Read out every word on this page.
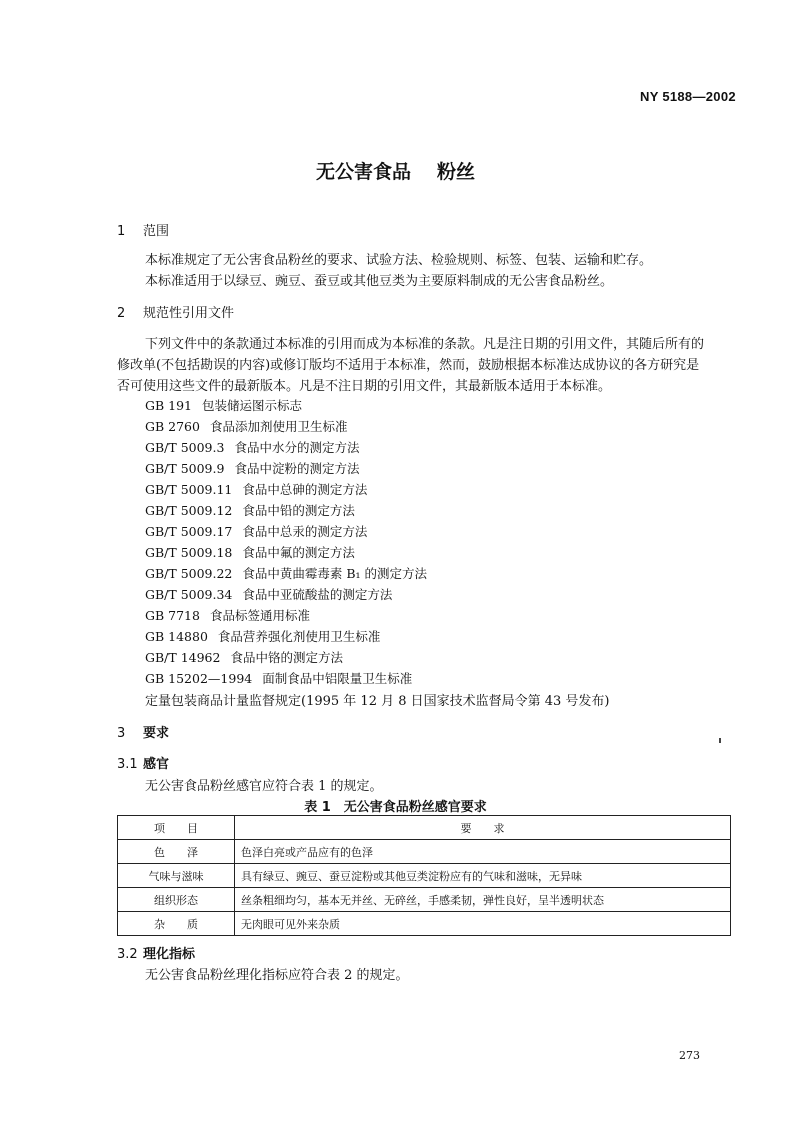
NY 5188—2002
无公害食品 粉丝
1 范围
本标准规定了无公害食品粉丝的要求、试验方法、检验规则、标签、包装、运输和贮存。
本标准适用于以绿豆、豌豆、蚕豆或其他豆类为主要原料制成的无公害食品粉丝。
2 规范性引用文件
下列文件中的条款通过本标准的引用而成为本标准的条款。凡是注日期的引用文件，其随后所有的
修改单(不包括勘误的内容)或修订版均不适用于本标准，然而，鼓励根据本标准达成协议的各方研究是
否可使用这些文件的最新版本。凡是不注日期的引用文件，其最新版本适用于本标准。
GB 191 包装储运图示标志
GB 2760 食品添加剂使用卫生标准
GB/T 5009.3 食品中水分的测定方法
GB/T 5009.9 食品中淀粉的测定方法
GB/T 5009.11 食品中总砷的测定方法
GB/T 5009.12 食品中铅的测定方法
GB/T 5009.17 食品中总汞的测定方法
GB/T 5009.18 食品中氟的测定方法
GB/T 5009.22 食品中黄曲霉毒素 B₁ 的测定方法
GB/T 5009.34 食品中亚硫酸盐的测定方法
GB 7718 食品标签通用标准
GB 14880 食品营养强化剂使用卫生标准
GB/T 14962 食品中铬的测定方法
GB 15202—1994 面制食品中铝限量卫生标准
定量包装商品计量监督规定(1995 年 12 月 8 日国家技术监督局令第 43 号发布)
3 要求
3.1 感官
无公害食品粉丝感官应符合表 1 的规定。
表 1　无公害食品粉丝感官要求
项　　目	要　　求
色　　泽	色泽白亮或产品应有的色泽
气味与滋味	具有绿豆、豌豆、蚕豆淀粉或其他豆类淀粉应有的气味和滋味，无异味
组织形态	丝条粗细均匀，基本无并丝、无碎丝，手感柔韧，弹性良好，呈半透明状态
杂　　质	无肉眼可见外来杂质
3.2 理化指标
无公害食品粉丝理化指标应符合表 2 的规定。
273
